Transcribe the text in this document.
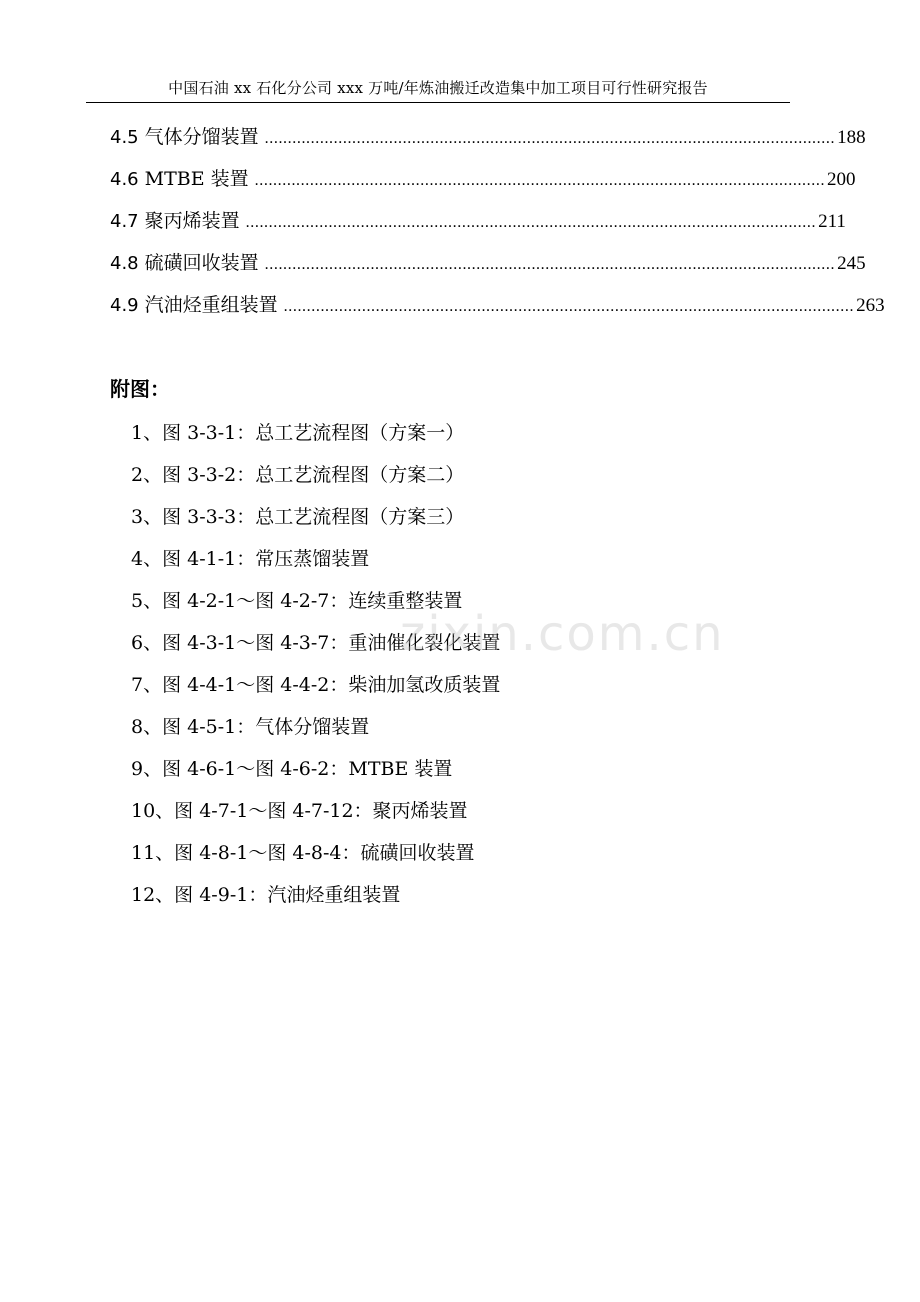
中国石油 xx 石化分公司 xxx 万吨/年炼油搬迁改造集中加工项目可行性研究报告
4.5 气体分馏装置 ............................................................................................................................ 188
4.6 MTBE 装置 ............................................................................................................................ 200
4.7 聚丙烯装置 ............................................................................................................................ 211
4.8 硫磺回收装置 ............................................................................................................................ 245
4.9 汽油烃重组装置 ............................................................................................................................ 263
附图：
1、图 3-3-1：总工艺流程图（方案一）
2、图 3-3-2：总工艺流程图（方案二）
3、图 3-3-3：总工艺流程图（方案三）
4、图 4-1-1：常压蒸馏装置
5、图 4-2-1～图 4-2-7：连续重整装置
6、图 4-3-1～图 4-3-7：重油催化裂化装置
7、图 4-4-1～图 4-4-2：柴油加氢改质装置
8、图 4-5-1：气体分馏装置
9、图 4-6-1～图 4-6-2：MTBE 装置
10、图 4-7-1～图 4-7-12：聚丙烯装置
11、图 4-8-1～图 4-8-4：硫磺回收装置
12、图 4-9-1：汽油烃重组装置
zixin.com.cn
